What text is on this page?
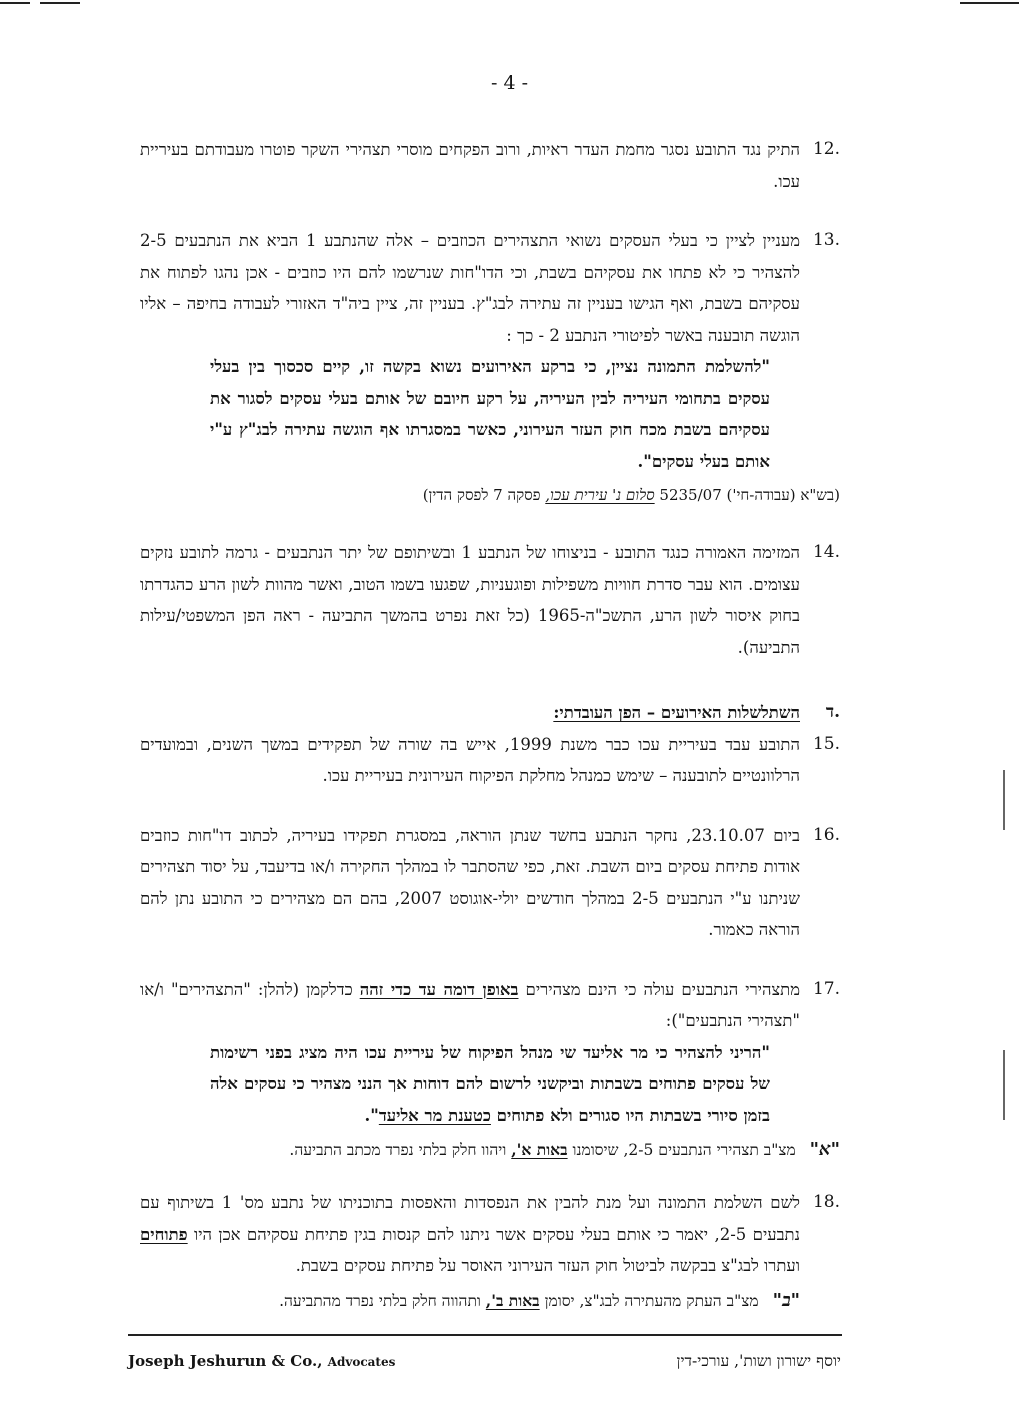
- 4 -
12.
התיק נגד התובע נסגר מחמת העדר ראיות, ורוב הפקחים מוסרי תצהירי השקר פוטרו מעבודתם בעיריית עכו.
13.
מעניין לציין כי בעלי העסקים נשואי התצהירים הכוזבים – אלה שהנתבע 1 הביא את הנתבעים 2-5 להצהיר כי לא פתחו את עסקיהם בשבת, וכי הדו"חות שנרשמו להם היו כוזבים - אכן נהגו לפתוח את עסקיהם בשבת, ואף הגישו בעניין זה עתירה לבג"ץ. בעניין זה, ציין ביה"ד האזורי לעבודה בחיפה – אליו הוגשה תובענה באשר לפיטורי הנתבע 2 - כך :
"להשלמת התמונה נציין, כי ברקע האירועים נשוא בקשה זו, קיים סכסוך בין בעלי עסקים בתחומי העיריה לבין העיריה, על רקע חיובם של אותם בעלי עסקים לסגור את עסקיהם בשבת מכח חוק העזר העירוני, כאשר במסגרתו אף הוגשה עתירה לבג"ץ ע"י אותם בעלי עסקים".
(בש"א (עבודה-חי') 5235/07 סלום נ' עירית עכו, פסקה 7 לפסק הדין)
14.
המזימה האמורה כנגד התובע - בניצוחו של הנתבע 1 ובשיתופם של יתר הנתבעים - גרמה לתובע נזקים עצומים. הוא עבר סדרת חוויות משפילות ופוגעניות, שפגעו בשמו הטוב, ואשר מהוות לשון הרע כהגדרתו בחוק איסור לשון הרע, התשכ"ה-1965 (כל זאת נפרט בהמשך התביעה - ראה הפן המשפטי/עילות התביעה).
ד.
השתלשלות האירועים – הפן העובדתי:
15.
התובע עבד בעיריית עכו כבר משנת 1999, אייש בה שורה של תפקידים במשך השנים, ובמועדים הרלוונטיים לתובענה – שימש כמנהל מחלקת הפיקוח העירונית בעיריית עכו.
16.
ביום 23.10.07, נחקר הנתבע בחשד שנתן הוראה, במסגרת תפקידו בעיריה, לכתוב דו"חות כוזבים אודות פתיחת עסקים ביום השבת. זאת, כפי שהסתבר לו במהלך החקירה ו/או בדיעבד, על יסוד תצהירים שניתנו ע"י הנתבעים 2-5 במהלך חודשים יולי-אוגוסט 2007, בהם הם מצהירים כי התובע נתן להם הוראה כאמור.
17.
מתצהירי הנתבעים עולה כי הינם מצהירים באופן דומה עד כדי זהה כדלקמן (להלן: "התצהירים" ו/או "תצהירי הנתבעים"):
"הריני להצהיר כי מר אליעד שי מנהל הפיקוח של עיריית עכו היה מציג בפני רשימות של עסקים פתוחים בשבתות וביקשני לרשום להם דוחות אך הנני מצהיר כי עסקים אלה בזמן סיורי בשבתות היו סגורים ולא פתוחים כטענת מר אליעד".
"א"מצ"ב תצהירי הנתבעים 2-5, שיסומנו באות א', ויהוו חלק בלתי נפרד מכתב התביעה.
18.
לשם השלמת התמונה ועל מנת להבין את הנפסדות והאפסות בתוכניתו של נתבע מס' 1 בשיתוף עם נתבעים 2-5, יאמר כי אותם בעלי עסקים אשר ניתנו להם קנסות בגין פתיחת עסקיהם אכן היו פתוחים ועתרו לבג"צ בבקשה לביטול חוק העזר העירוני האוסר על פתיחת עסקים בשבת.
"ב"מצ"ב העתק מהעתירה לבג"צ, יסומן באות ב', ותהווה חלק בלתי נפרד מהתביעה.
Joseph Jeshurun & Co., Advocates	יוסף ישורון ושות', עורכי-דין
